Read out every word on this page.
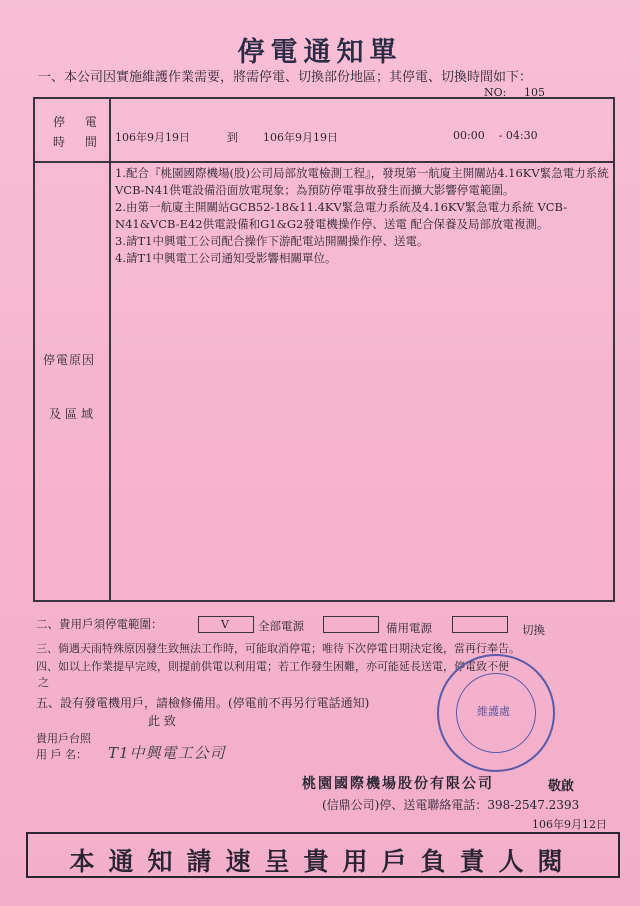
停電通知單
一、本公司因實施維護作業需要，將需停電、切換部份地區；其停電、切換時間如下：
NO: 105
停 電
時 間 106年9月19日	到 106年9月19日	00:00    - 04:30
停電原因
及區域

1.配合『桃園國際機場(股)公司局部放電檢測工程』，發現第一航廈主開關站4.16KV緊急電力系統VCB-N41供電設備沿面放電現象；為預防停電事故發生而擴大影響停電範圍。

2.由第一航廈主開關站GCB52-18&11.4KV緊急電力系統及4.16KV緊急電力系統 VCB-N41&VCB-E42供電設備和G1&G2發電機操作停、送電 配合保養及局部放電複測。

3.請T1中興電工公司配合操作下游配電站開關操作停、送電。

4.請T1中興電工公司通知受影響相關單位。

二、貴用戶須停電範圍：	V	全部電源	備用電源	切換
三、倘遇天雨特殊原因發生致無法工作時，可能取消停電；唯待下次停電日期決定後，當再行奉告。
四、如以上作業提早完竣，則提前供電以利用電；若工作發生困難，亦可能延長送電，停電致不便
之
五、設有發電機用戶，請檢修備用。(停電前不再另行電話通知)
此 致
貴用戶台照
用 戶 名： T1中興電工公司
維護處
桃園國際機場股份有限公司	敬啟
(信鼎公司)停、送電聯絡電話：398-2547.2393
106年9月12日
本通知請速呈貴用戶負責人閱
